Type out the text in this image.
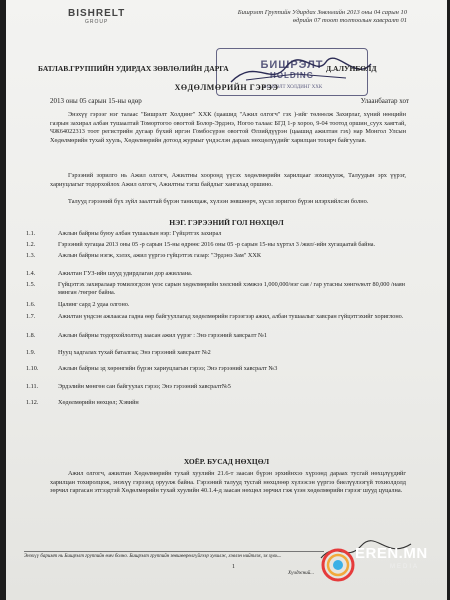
BISHRELT
GROUP
Бишрэлт Группийн Удирдах Зөвлөлийн 2013 оны 04 сарын 10 өдрийн 07 тоот тогтоолын хавсралт 01
БИШРЭЛТ
HOLDING
БИШРЭЛТ ХОЛДИНГ ХХК
БАТЛАВ.ГРУППИЙН УДИРДАХ ЗӨВЛӨЛИЙН ДАРГА	Д.АЛУНБОЛД
ХӨДӨЛМӨРИЙН ГЭРЭЭ
2013 оны 05 сарын 15-ны өдөр	Улаанбаатар хот
Энэхүү гэрээг нэг талаас "Бишрэлт Холдинг" ХХК (цаашид "Ажил олгогч" гэх )-ийг төлөөлж Захирлаг, хүний нөөцийн газрын захирал албан тушаалтай Томортогоо овогтой Болор-Эрдэнэ, Ногоо талаас БГД 1-р хороо, 9-04 тоотод оршин_суух хаягтай, ЧЖ64022313 тоот регистрийн дугаар бүхий иргэн Гомбосүрэн овогтой Өлзийдүүрэн (цаашид ажилтан гэх) нар Монгол Улсын Хөдөлмөрийн тухай хууль, Хөдөлмөрийн дотоод журмыг үндэслэн дараах нөхцөлүүдийг харилцан тохирч байгуулав.
Гэрээний зорилго нь Ажил олгогч, Ажилтны хооронд үүсэх хөдөлмөрийн харилцааг зохицуулж, Талуудын эрх үүрэг, хариуцлагыг тодорхойлох Ажил олгогч, Ажилтны тэгш байдлыг хангахад оршино.
Талууд гэрээний бүх зүйл заалттай бүрэн танилцаж, хүлээн зөвшөөрч, хүсэл зоригоо бүрэн илэрхийлсэн болно.
НЭГ. ГЭРЭЭНИЙ ГОЛ НӨХЦӨЛ
1.1.	Ажлын байрны буюу албан тушаалын нэр: Гүйцэтгэх захирал
1.2.	Гэрээний хугацаа 2013 оны 05 -р сарын 15-ны өдрөөс 2016 оны 05 -р сарын 15-ны хүртэл 3 /жил/-ийн хугацаатай байна.
1.3.	Ажлын байрны нэгж, хэлэх, ажил үүргээ гүйцэтгэх газар: "Эрдэнэ Зам" ХХК
1.4.	Ажилтан ГУЗ-ийн шууд удирдлаган дор ажиллана.
1.5.	Гүйцэтгэх захиралаар томилогдсон үеэс сарын хөдөлмөрийн хөлсний хэмжээ 1,000,000/нэг сая / гар утасны хөнгөлөлт 80,000 /наян мянган /төгрөг байна.
1.6.	Цалинг сард 2 удаа олгоно.
1.7.	Ажилтан үндсэн ажлаасаа гадна өөр байгууллагад хөдөлмөрийн гэрээгээр ажил, албан тушаалыг хавсран гүйцэтгэхийг хориглоно.
1.8.	Ажлын байрны тодорхойлолтод заасан ажил үүрэг : Энэ гэрээний хавсралт №1
1.9.	Нууц хадгалах тухай баталгаа; Энэ гэрээний хавсралт №2
1.10.	Ажлын байрны эд хөрөнгийн бүрэн хариуцлагын гэрээ; Энэ гэрээний хавсралт №3
1.11.	Эрдэлийн мөнгөн сан байгуулах гэрээ; Энэ гэрээний хавсралт№5
1.12.	Хөдөлмөрийн нөхцөл; Хэвийн
ХОЁР. БУСАД НӨХЦӨЛ
Ажил олгогч, ажилтан Хөдөлмөрийн тухай хуулийн 21.6-т заасан бүрэн эрхийнхээ хүрээнд дараах тусгай нөхцлүүдийг харилцан тохиролцож, энэхүү гэрээнд оруулж байна. Гэрээний талууд тусгай нөхцлөөр хүлээсэн үүргээ биелүүлээгүй тохиолдолд зөрчил гаргасан этгээдтэй Хөдөлмөрийн тухай хуулийн 40.1.4-д заасан нөхцөл зөрчил гэж үзэн хөдөлмөрийн гэрээг шууд цуцална.
Энэхүү баримт нь Бишрэлт группийн өмч болно. Бишрэлт группийн зөвшөөрөлгүйгээр хувилж, хэвлэн нийтлэх, эх хувь...
1
Хүчдэсний...
EREN.MN
MEDIA
